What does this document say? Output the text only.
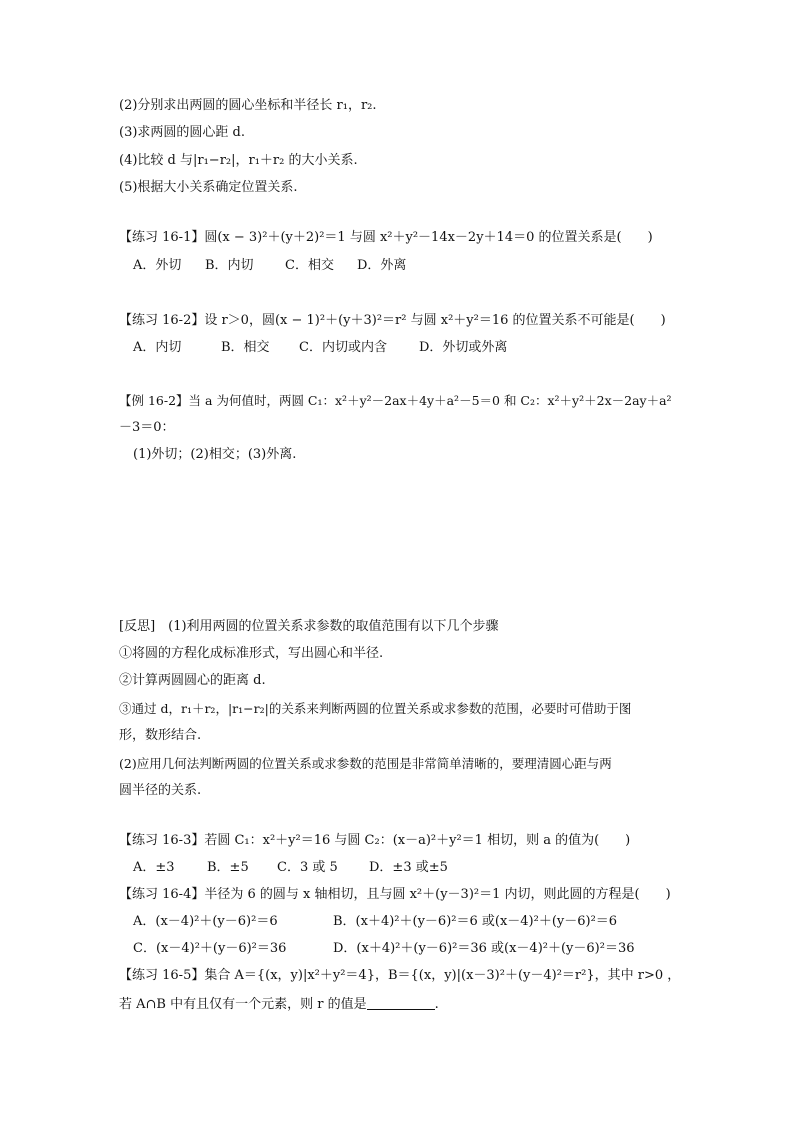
(2)分别求出两圆的圆心坐标和半径长 r₁，r₂.
(3)求两圆的圆心距 d.
(4)比较 d 与|r₁−r₂|，r₁＋r₂ 的大小关系.
(5)根据大小关系确定位置关系.
【练习 16-1】圆(x − 3)²＋(y＋2)²＝1 与圆 x²＋y²－14x－2y＋14＝0 的位置关系是(　　)
A．外切 B．内切 C．相交 D．外离
【练习 16-2】设 r＞0，圆(x − 1)²＋(y＋3)²＝r² 与圆 x²＋y²＝16 的位置关系不可能是(　　)
A．内切	B．相交 C．内切或内含 D．外切或外离
【例 16-2】当 a 为何值时，两圆 C₁：x²＋y²－2ax＋4y＋a²－5＝0 和 C₂：x²＋y²＋2x－2ay＋a²
－3＝0：
(1)外切；(2)相交；(3)外离.
[反思]　(1)利用两圆的位置关系求参数的取值范围有以下几个步骤
①将圆的方程化成标准形式，写出圆心和半径.
②计算两圆圆心的距离 d.
③通过 d，r₁＋r₂，|r₁−r₂|的关系来判断两圆的位置关系或求参数的范围，必要时可借助于图
形，数形结合.
(2)应用几何法判断两圆的位置关系或求参数的范围是非常简单清晰的，要理清圆心距与两
圆半径的关系.
【练习 16-3】若圆 C₁：x²＋y²＝16 与圆 C₂：(x－a)²＋y²＝1 相切，则 a 的值为(　　)
A．±3 B．±5 C．3 或 5 D．±3 或±5
【练习 16-4】半径为 6 的圆与 x 轴相切，且与圆 x²＋(y－3)²＝1 内切，则此圆的方程是(　　)
A．(x－4)²＋(y－6)²＝6	B．(x＋4)²＋(y－6)²＝6 或(x－4)²＋(y－6)²＝6
C．(x－4)²＋(y－6)²＝36	D．(x＋4)²＋(y－6)²＝36 或(x－4)²＋(y－6)²＝36
【练习 16-5】集合 A＝{(x，y)|x²＋y²＝4}，B＝{(x，y)|(x－3)²＋(y－4)²＝r²}，其中 r>0 ，
若 A∩B 中有且仅有一个元素，则 r 的值是	.
